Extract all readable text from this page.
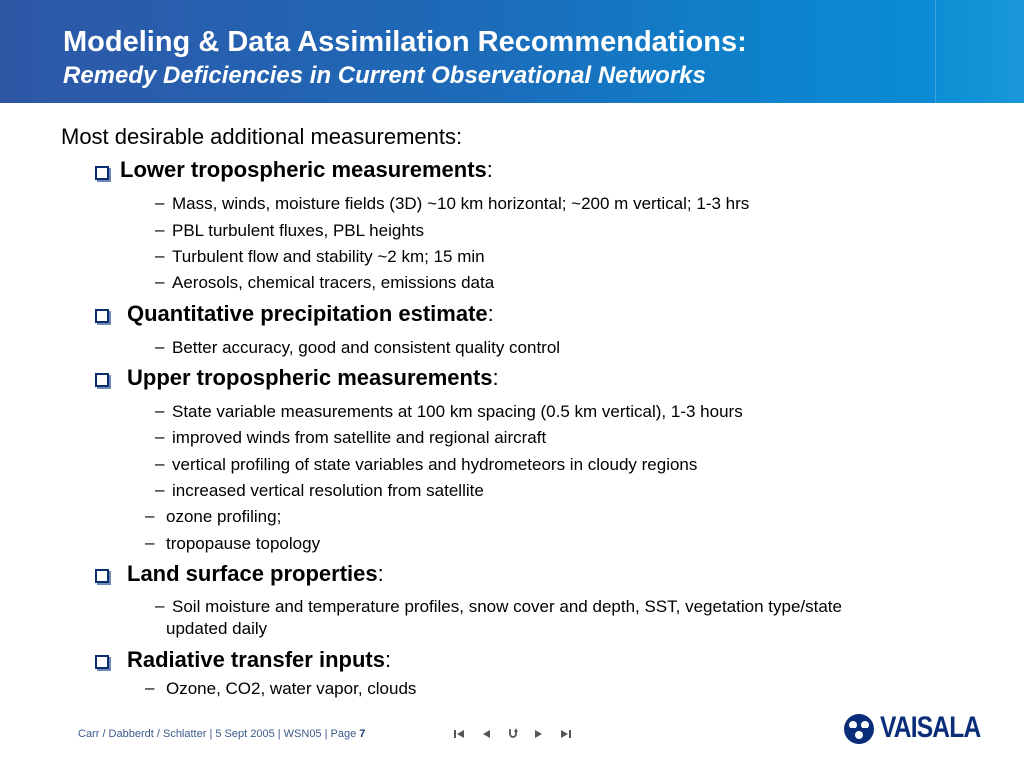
Modeling & Data Assimilation Recommendations:
Remedy Deficiencies in Current Observational Networks
Most desirable additional measurements:
Lower tropospheric measurements:
– Mass, winds, moisture fields (3D) ~10 km horizontal; ~200 m vertical; 1-3 hrs
– PBL turbulent fluxes, PBL heights
– Turbulent flow and stability ~2 km; 15 min
– Aerosols, chemical tracers, emissions data
Quantitative precipitation estimate:
– Better accuracy, good and consistent quality control
Upper tropospheric measurements:
– State variable measurements at 100 km spacing (0.5 km vertical), 1-3 hours
– improved winds from satellite and regional aircraft
– vertical profiling of state variables and hydrometeors in cloudy regions
– increased vertical resolution from satellite
– ozone profiling;
– tropopause topology
Land surface properties:
– Soil moisture and temperature profiles, snow cover and depth, SST, vegetation type/state
updated daily
Radiative transfer inputs:
– Ozone, CO2, water vapor, clouds
Carr / Dabberdt / Schlatter | 5 Sept 2005 | WSN05 | Page 7	VAISALA
